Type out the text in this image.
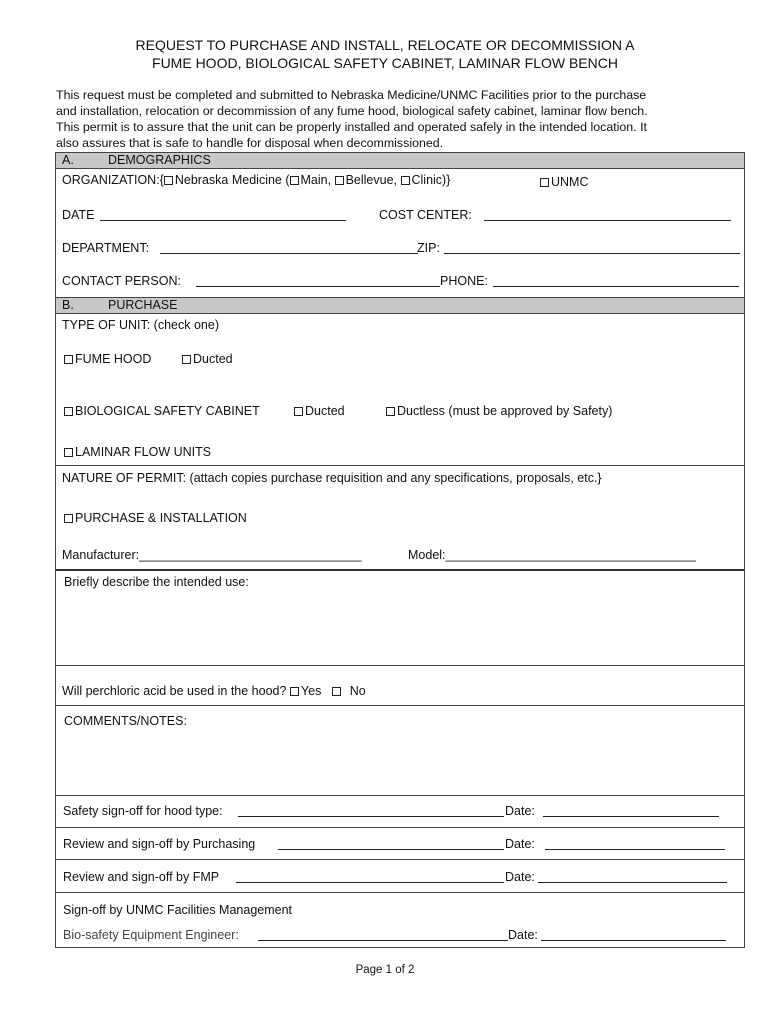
REQUEST TO PURCHASE AND INSTALL, RELOCATE OR DECOMMISSION A
FUME HOOD, BIOLOGICAL SAFETY CABINET, LAMINAR FLOW BENCH
This request must be completed and submitted to Nebraska Medicine/UNMC Facilities prior to the purchase
and installation, relocation or decommission of any fume hood, biological safety cabinet, laminar flow bench.
This permit is to assure that the unit can be properly installed and operated safely in the intended location. It
also assures that is safe to handle for disposal when decommissioned.
A.	DEMOGRAPHICS
ORGANIZATION:{ Nebraska Medicine ( Main, Bellevue, Clinic)}	UNMC
DATE	COST CENTER:
DEPARTMENT:	ZIP:
CONTACT PERSON:	PHONE:
B.	PURCHASE
TYPE OF UNIT: (check one)
FUME HOOD	Ducted
BIOLOGICAL SAFETY CABINET	Ducted	Ductless (must be approved by Safety)
LAMINAR FLOW UNITS
NATURE OF PERMIT: (attach copies purchase requisition and any specifications, proposals, etc.}
PURCHASE & INSTALLATION
Manufacturer:________________________________	Model:____________________________________
Briefly describe the intended use:
Will perchloric acid be used in the hood? Yes No
COMMENTS/NOTES:
Safety sign-off for hood type:	Date:
Review and sign-off by Purchasing	Date:
Review and sign-off by FMP	Date:
Sign-off by UNMC Facilities Management
Bio-safety Equipment Engineer:	Date:
Page 1 of 2
